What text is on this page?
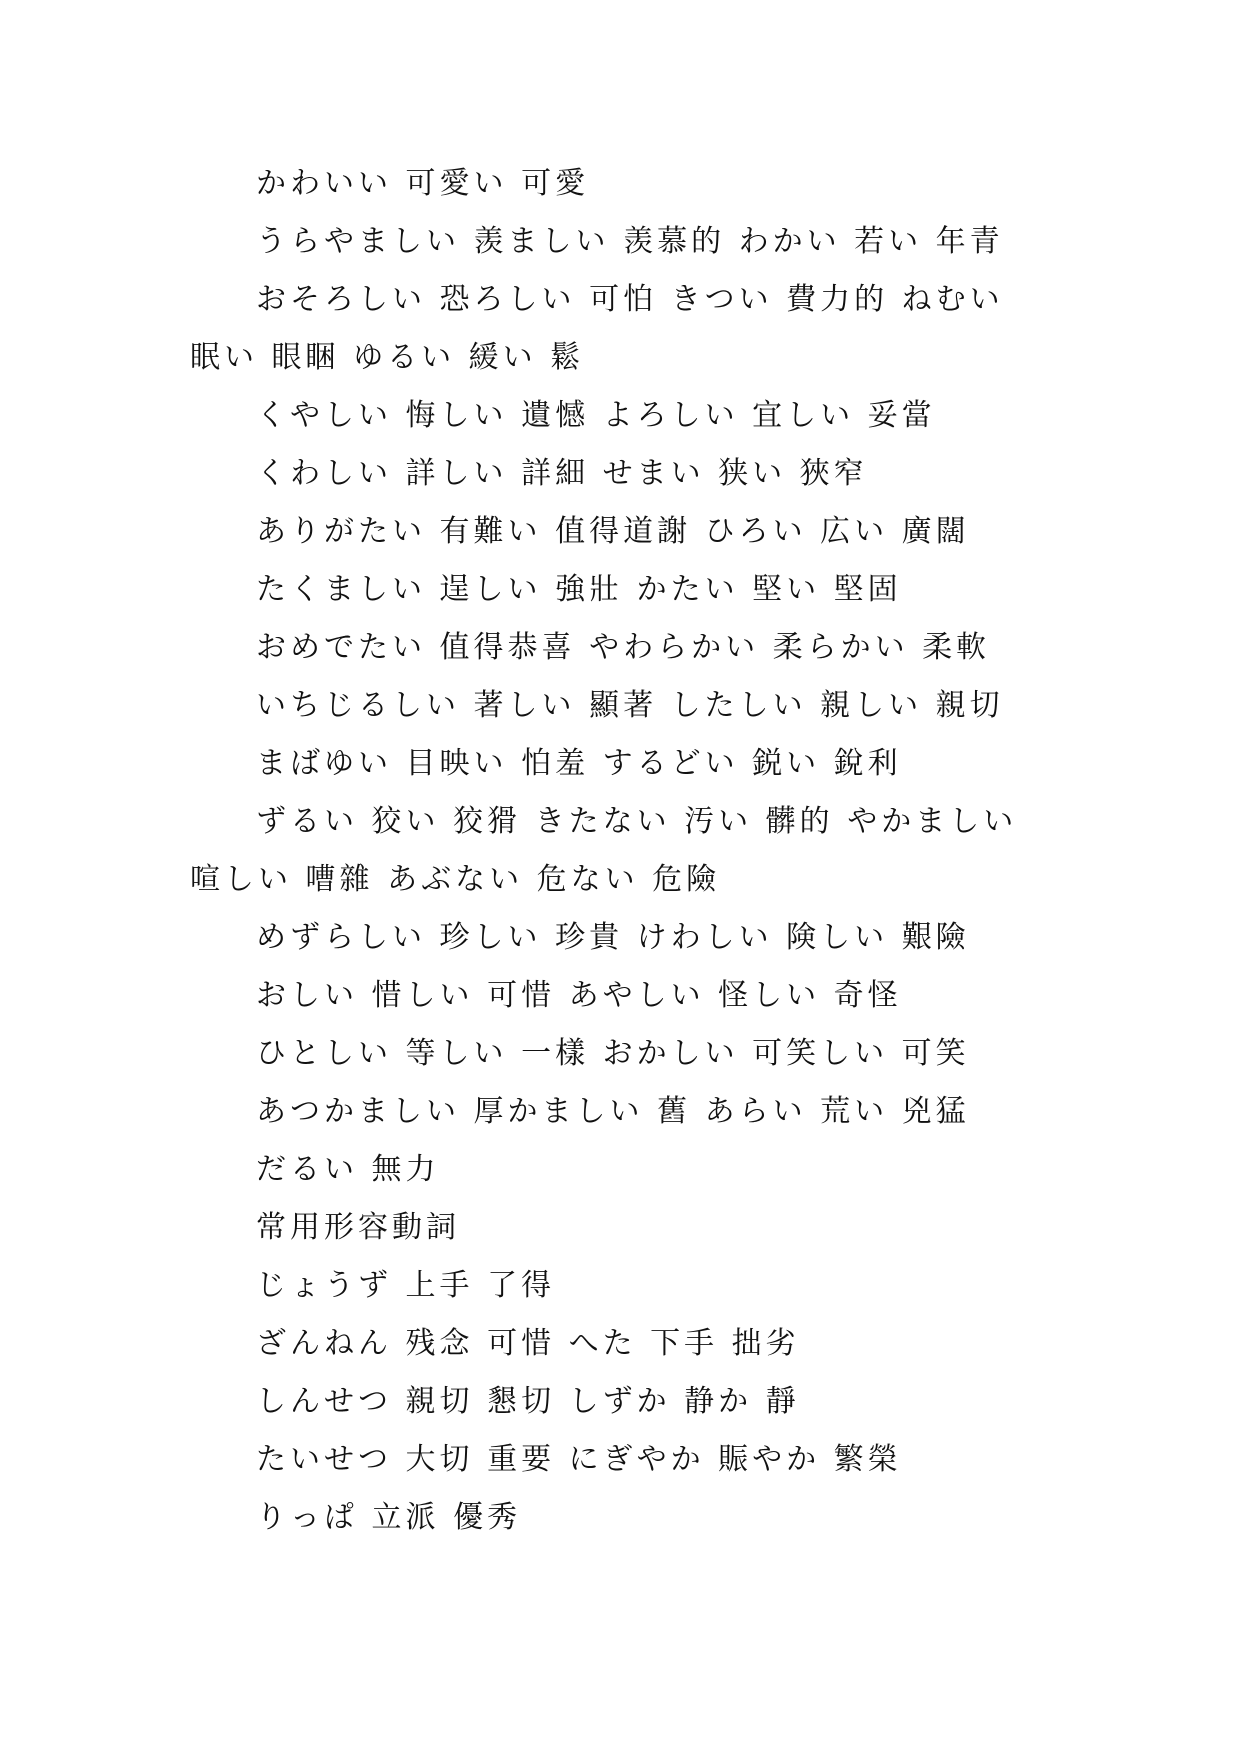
かわいい 可愛い 可愛

うらやましい 羡ましい 羡慕的 わかい 若い 年青

おそろしい 恐ろしい 可怕 きつい 費力的 ねむい

眠い 眼睏 ゆるい 緩い 鬆

くやしい 悔しい 遺憾 よろしい 宜しい 妥當

くわしい 詳しい 詳細 せまい 狭い 狹窄

ありがたい 有難い 值得道謝 ひろい 広い 廣闊

たくましい 逞しい 強壯 かたい 堅い 堅固

おめでたい 值得恭喜 やわらかい 柔らかい 柔軟

いちじるしい 著しい 顯著 したしい 親しい 親切

まばゆい 目映い 怕羞 するどい 鋭い 銳利

ずるい 狡い 狡猾 きたない 汚い 髒的 やかましい

喧しい 嘈雜 あぶない 危ない 危險

めずらしい 珍しい 珍貴 けわしい 険しい 艱險

おしい 惜しい 可惜 あやしい 怪しい 奇怪

ひとしい 等しい 一樣 おかしい 可笑しい 可笑

あつかましい 厚かましい 舊 あらい 荒い 兇猛

だるい 無力

常用形容動詞

じょうず 上手 了得

ざんねん 残念 可惜 へた 下手 拙劣

しんせつ 親切 懇切 しずか 静か 靜

たいせつ 大切 重要 にぎやか 賑やか 繁榮

りっぱ 立派 優秀
